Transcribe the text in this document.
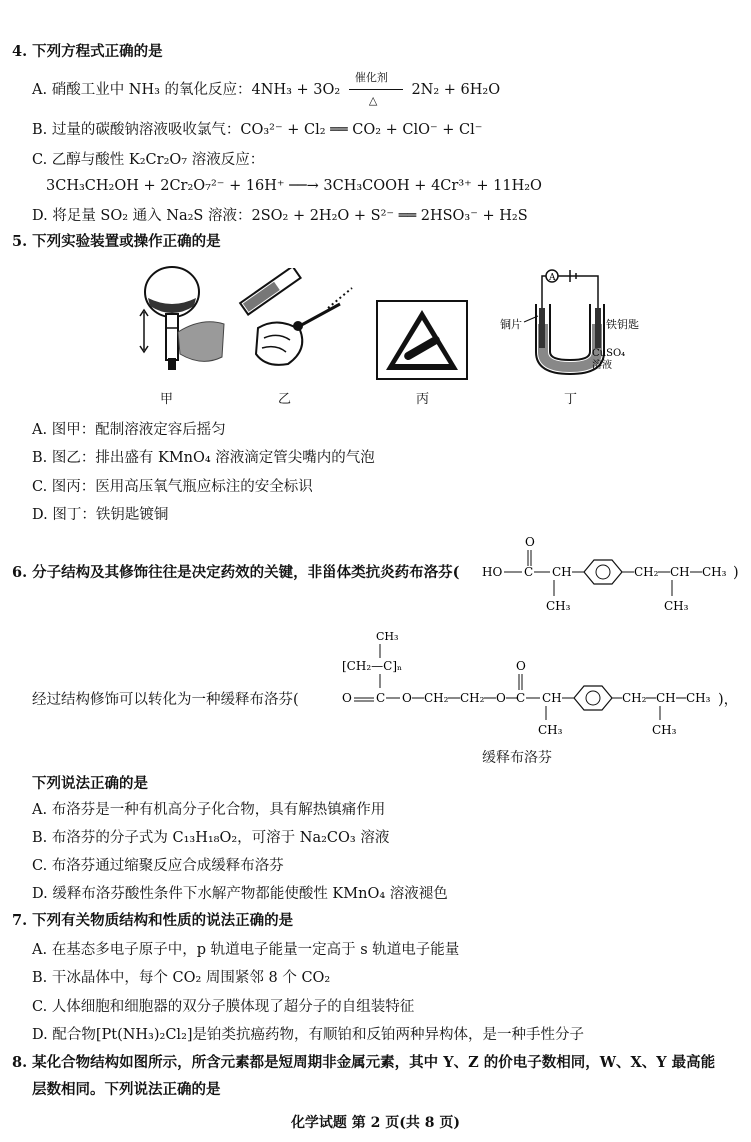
4. 下列方程式正确的是
A. 硝酸工业中 NH₃ 的氧化反应：4NH₃ + 3O₂
催化剂
△
2N₂ + 6H₂O
B. 过量的碳酸钠溶液吸收氯气：CO₃²⁻ + Cl₂ ══ CO₂ + ClO⁻ + Cl⁻
C. 乙醇与酸性 K₂Cr₂O₇ 溶液反应：
3CH₃CH₂OH + 2Cr₂O₇²⁻ + 16H⁺ ──→ 3CH₃COOH + 4Cr³⁺ + 11H₂O
D. 将足量 SO₂ 通入 Na₂S 溶液：2SO₂ + 2H₂O + S²⁻ ══ 2HSO₃⁻ + H₂S
5. 下列实验装置或操作正确的是
甲	乙	丙
A
铜片	铁钥匙
CuSO₄
溶液
丁
A. 图甲：配制溶液定容后摇匀
B. 图乙：排出盛有 KMnO₄ 溶液滴定管尖嘴内的气泡
C. 图丙：医用高压氧气瓶应标注的安全标识
D. 图丁：铁钥匙镀铜
6. 分子结构及其修饰往往是决定药效的关键，非甾体类抗炎药布洛芬(
O
HO C CH
CH₃
CH₂ CH
CH₃
CH₃ )
经过结构修饰可以转化为一种缓释布洛芬(
CH₃
[CH₂—C]ₙ
C
O	O CH₂ CH₂ O
O
C CH
CH₃
CH₂ CH
CH₃
CH₃ )，
缓释布洛芬
下列说法正确的是
A. 布洛芬是一种有机高分子化合物，具有解热镇痛作用
B. 布洛芬的分子式为 C₁₃H₁₈O₂，可溶于 Na₂CO₃ 溶液
C. 布洛芬通过缩聚反应合成缓释布洛芬
D. 缓释布洛芬酸性条件下水解产物都能使酸性 KMnO₄ 溶液褪色
7. 下列有关物质结构和性质的说法正确的是
A. 在基态多电子原子中，p 轨道电子能量一定高于 s 轨道电子能量
B. 干冰晶体中，每个 CO₂ 周围紧邻 8 个 CO₂
C. 人体细胞和细胞器的双分子膜体现了超分子的自组装特征
D. 配合物[Pt(NH₃)₂Cl₂]是铂类抗癌药物，有顺铂和反铂两种异构体，是一种手性分子
8. 某化合物结构如图所示，所含元素都是短周期非金属元素，其中 Y、Z 的价电子数相同，W、X、Y 最高能
层数相同。下列说法正确的是
化学试题 第 2 页(共 8 页)
